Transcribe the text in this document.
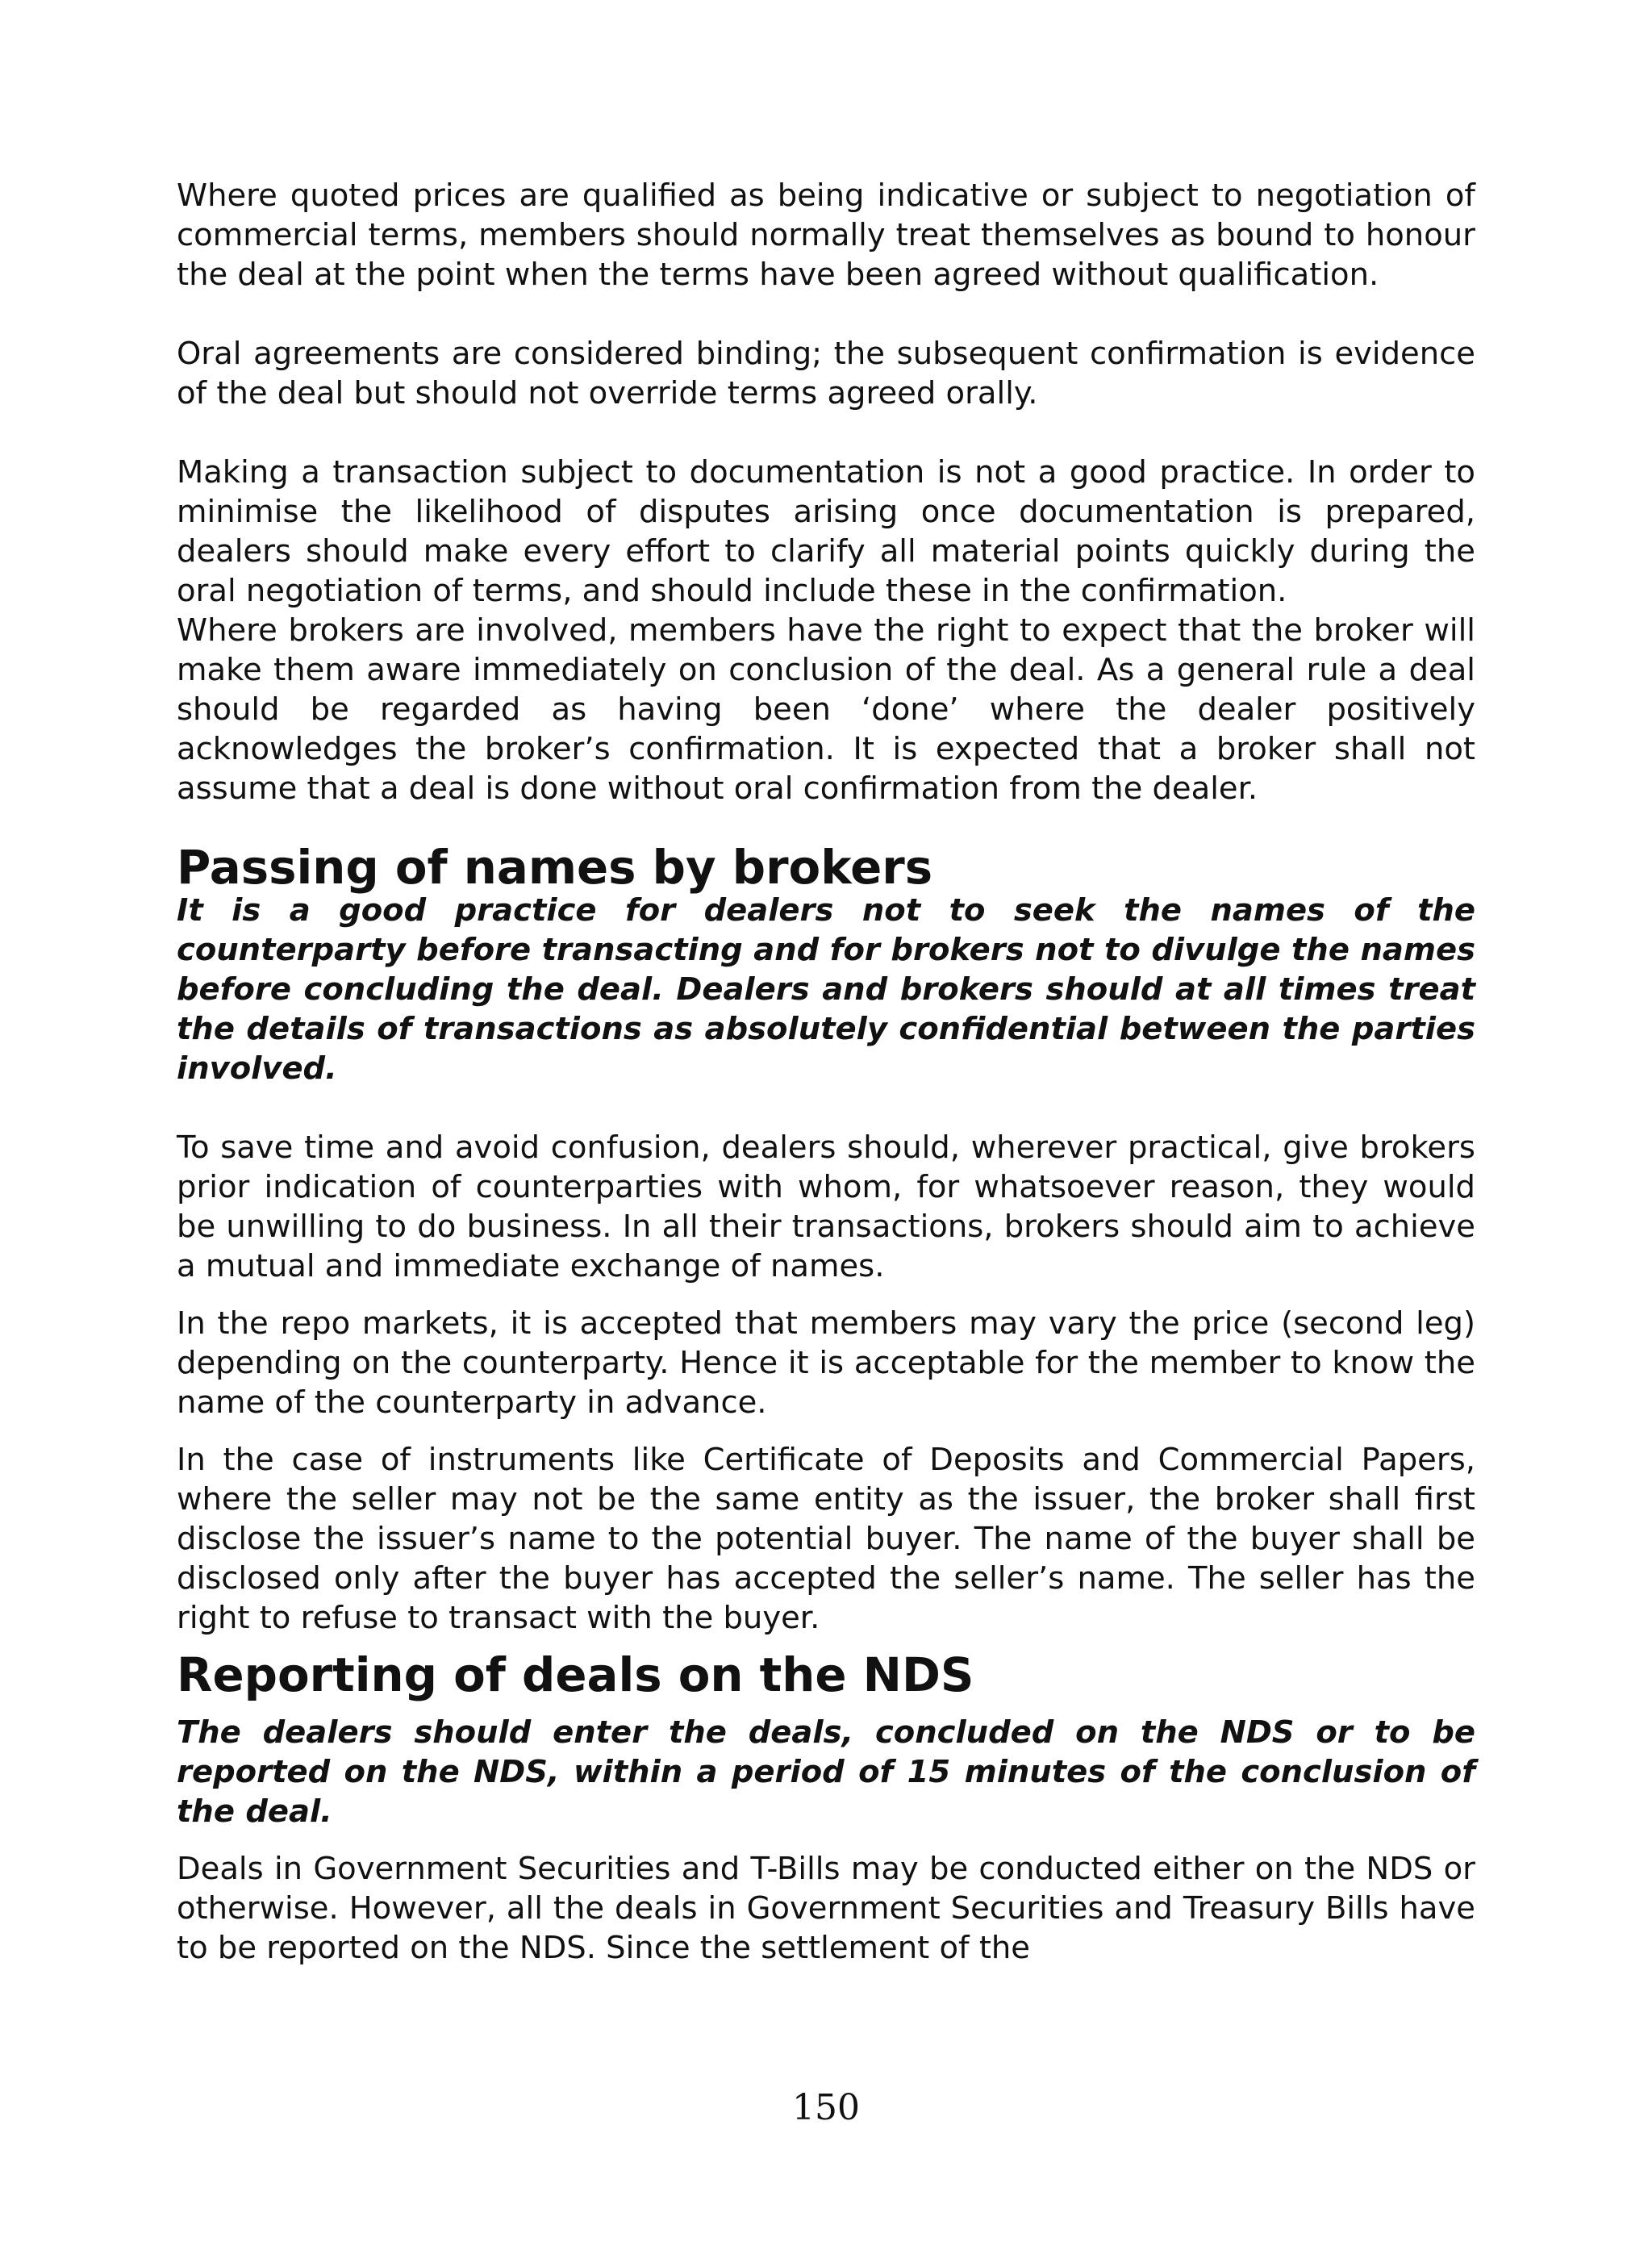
Where quoted prices are qualified as being indicative or subject to negotiation of commercial terms, members should normally treat themselves as bound to honour the deal at the point when the terms have been agreed without qualification.

Oral agreements are considered binding; the subsequent confirmation is evidence of the deal but should not override terms agreed orally.

Making a transaction subject to documentation is not a good practice. In order to minimise the likelihood of disputes arising once documentation is prepared, dealers should make every effort to clarify all material points quickly during the oral negotiation of terms, and should include these in the confirmation.

Where brokers are involved, members have the right to expect that the broker will make them aware immediately on conclusion of the deal. As a general rule a deal should be regarded as having been ‘done’ where the dealer positively acknowledges the broker’s confirmation. It is expected that a broker shall not assume that a deal is done without oral confirmation from the dealer.

Passing of names by brokers

It is a good practice for dealers not to seek the names of the counterparty before transacting and for brokers not to divulge the names before concluding the deal. Dealers and brokers should at all times treat the details of transactions as absolutely confidential between the parties involved.

To save time and avoid confusion, dealers should, wherever practical, give brokers prior indication of counterparties with whom, for whatsoever reason, they would be unwilling to do business. In all their transactions, brokers should aim to achieve a mutual and immediate exchange of names.

In the repo markets, it is accepted that members may vary the price (second leg) depending on the counterparty. Hence it is acceptable for the member to know the name of the counterparty in advance.

In the case of instruments like Certificate of Deposits and Commercial Papers, where the seller may not be the same entity as the issuer, the broker shall first disclose the issuer’s name to the potential buyer. The name of the buyer shall be disclosed only after the buyer has accepted the seller’s name. The seller has the right to refuse to transact with the buyer.

Reporting of deals on the NDS

The dealers should enter the deals, concluded on the NDS or to be reported on the NDS, within a period of 15 minutes of the conclusion of the deal.

Deals in Government Securities and T-Bills may be conducted either on the NDS or otherwise. However, all the deals in Government Securities and Treasury Bills have to be reported on the NDS. Since the settlement of the

150
